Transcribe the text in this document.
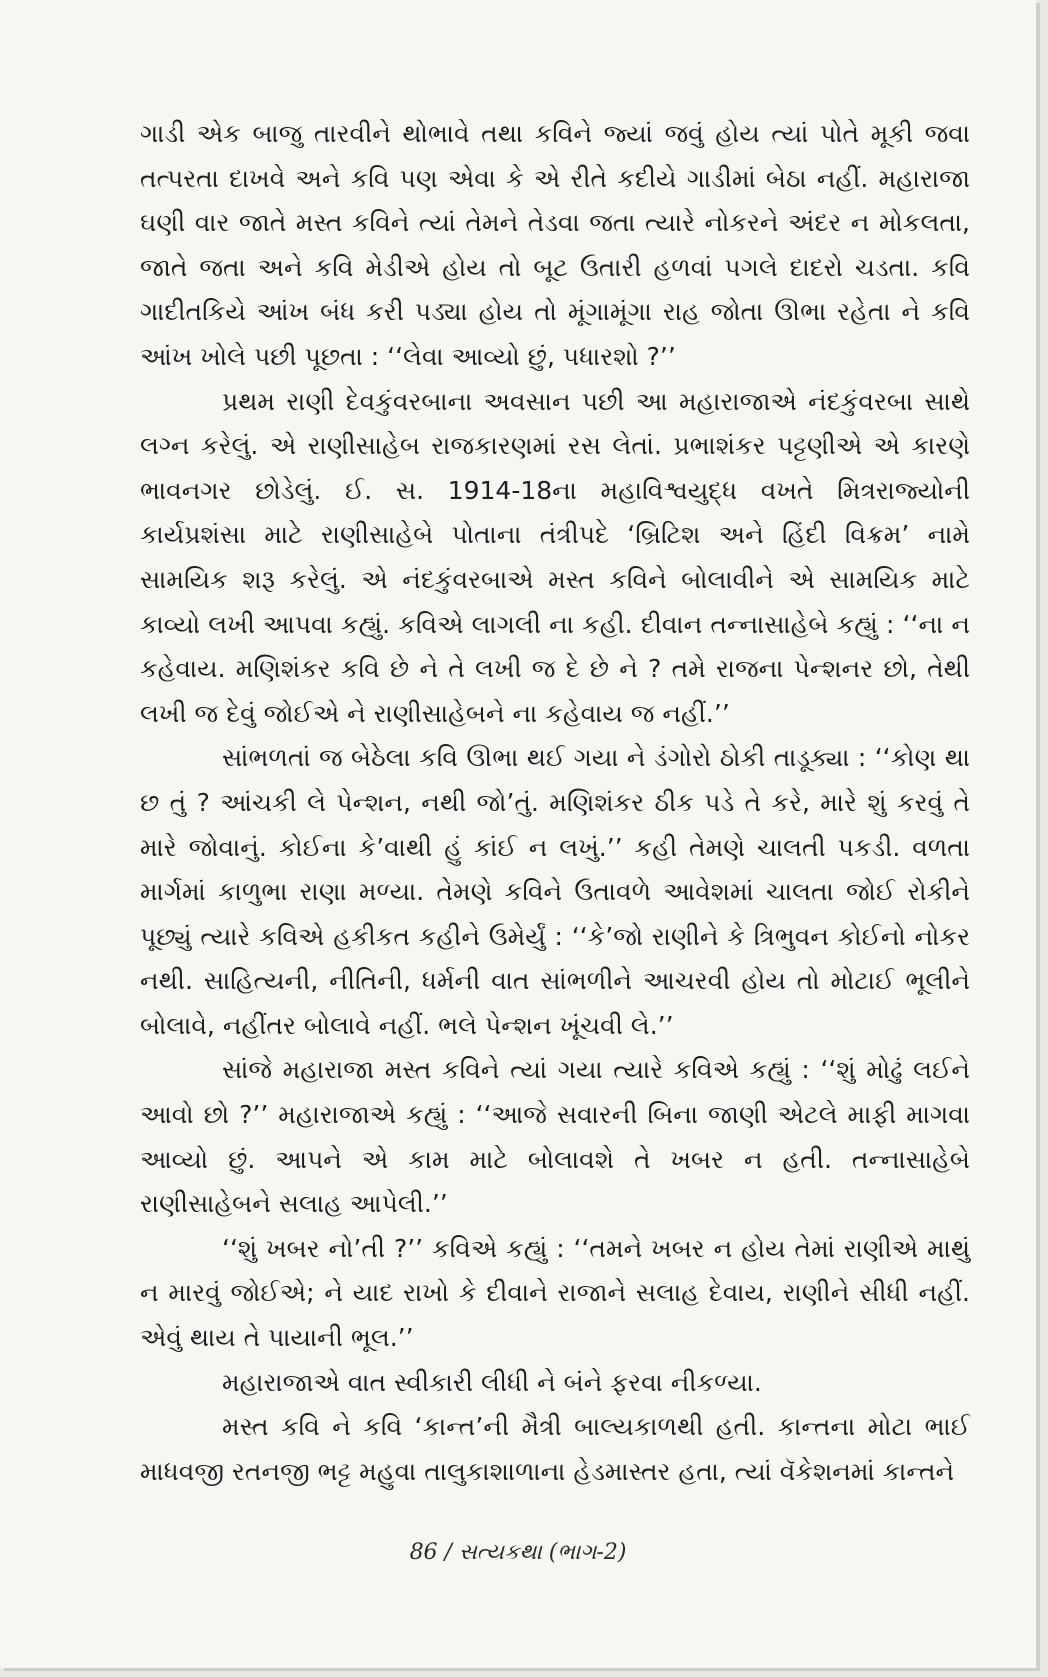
ગાડી એક બાજુ તારવીને થોભાવે તથા કવિને જ્યાં જવું હોય ત્યાં પોતે મૂકી જવા તત્પરતા દાખવે અને કવિ પણ એવા કે એ રીતે કદીયે ગાડીમાં બેઠા નહીં. મહારાજા ઘણી વાર જાતે મસ્ત કવિને ત્યાં તેમને તેડવા જતા ત્યારે નોકરને અંદર ન મોકલતા, જાતે જતા અને કવિ મેડીએ હોય તો બૂટ ઉતારી હળવાં પગલે દાદરો ચડતા. કવિ ગાદીતકિયે આંખ બંધ કરી પડ્યા હોય તો મૂંગામૂંગા રાહ જોતા ઊભા રહેતા ને કવિ આંખ ખોલે પછી પૂછતા : ‘‘લેવા આવ્યો છું, પધારશો ?’’

પ્રથમ રાણી દેવકુંવરબાના અવસાન પછી આ મહારાજાએ નંદકુંવરબા સાથે લગ્ન કરેલું. એ રાણીસાહેબ રાજકારણમાં રસ લેતાં. પ્રભાશંકર પટ્ટણીએ એ કારણે ભાવનગર છોડેલું. ઈ. સ. 1914-18ના મહાવિશ્વયુદ્ધ વખતે મિત્રરાજ્યોની કાર્યપ્રશંસા માટે રાણીસાહેબે પોતાના તંત્રીપદે ‘બ્રિટિશ અને હિંદી વિક્રમ’ નામે સામયિક શરૂ કરેલું. એ નંદકુંવરબાએ મસ્ત કવિને બોલાવીને એ સામયિક માટે કાવ્યો લખી આપવા કહ્યું. કવિએ લાગલી ના કહી. દીવાન તન્નાસાહેબે કહ્યું : ‘‘ના ન કહેવાય. મણિશંકર કવિ છે ને તે લખી જ દે છે ને ? તમે રાજના પેન્શનર છો, તેથી લખી જ દેવું જોઈએ ને રાણીસાહેબને ના કહેવાય જ નહીં.’’

સાંભળતાં જ બેઠેલા કવિ ઊભા થઈ ગયા ને ડંગોરો ઠોકી તાડૂક્યા : ‘‘કોણ થા છ તું ? આંચકી લે પેન્શન, નથી જો’તું. મણિશંકર ઠીક પડે તે કરે, મારે શું કરવું તે મારે જોવાનું. કોઈના કે’વાથી હું કાંઈ ન લખું.’’ કહી તેમણે ચાલતી પકડી. વળતા માર્ગમાં કાળુભા રાણા મળ્યા. તેમણે કવિને ઉતાવળે આવેશમાં ચાલતા જોઈ રોકીને પૂછ્યું ત્યારે કવિએ હકીકત કહીને ઉમેર્યું : ‘‘કે’જો રાણીને કે ત્રિભુવન કોઈનો નોકર નથી. સાહિત્યની, નીતિની, ધર્મની વાત સાંભળીને આચરવી હોય તો મોટાઈ ભૂલીને બોલાવે, નહીંતર બોલાવે નહીં. ભલે પેન્શન ખૂંચવી લે.’’

સાંજે મહારાજા મસ્ત કવિને ત્યાં ગયા ત્યારે કવિએ કહ્યું : ‘‘શું મોઢું લઈને આવો છો ?’’ મહારાજાએ કહ્યું : ‘‘આજે સવારની બિના જાણી એટલે માફી માગવા આવ્યો છું. આપને એ કામ માટે બોલાવશે તે ખબર ન હતી. તન્નાસાહેબે રાણીસાહેબને સલાહ આપેલી.’’

‘‘શું ખબર નો’તી ?’’ કવિએ કહ્યું : ‘‘તમને ખબર ન હોય તેમાં રાણીએ માથું ન મારવું જોઈએ; ને યાદ રાખો કે દીવાને રાજાને સલાહ દેવાય, રાણીને સીધી નહીં. એવું થાય તે પાયાની ભૂલ.’’

મહારાજાએ વાત સ્વીકારી લીધી ને બંને ફરવા નીકળ્યા.

મસ્ત કવિ ને કવિ ‘કાન્ત’ની મૈત્રી બાલ્યકાળથી હતી. કાન્તના મોટા ભાઈ માધવજી રતનજી ભટ્ટ મહુવા તાલુકાશાળાના હેડમાસ્તર હતા, ત્યાં વૅકેશનમાં કાન્તને

86 / સત્યકથા (ભાગ-2)
